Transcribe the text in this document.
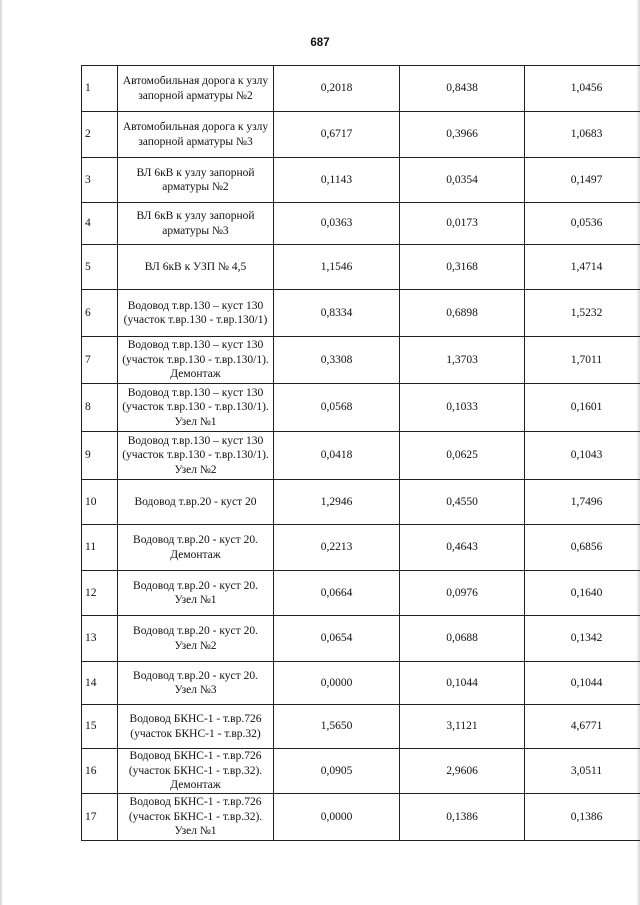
687
1	Автомобильная дорога к узлу запорной арматуры №2	0,2018	0,8438	1,0456
2	Автомобильная дорога к узлу запорной арматуры №3	0,6717	0,3966	1,0683
3	ВЛ 6кВ к узлу запорной арматуры №2	0,1143	0,0354	0,1497
4	ВЛ 6кВ к узлу запорной арматуры №3	0,0363	0,0173	0,0536
5	ВЛ 6кВ к УЗП № 4,5	1,1546	0,3168	1,4714
6	Водовод т.вр.130 – куст 130 (участок т.вр.130 - т.вр.130/1)	0,8334	0,6898	1,5232
7	Водовод т.вр.130 – куст 130 (участок т.вр.130 - т.вр.130/1). Демонтаж	0,3308	1,3703	1,7011
8	Водовод т.вр.130 – куст 130 (участок т.вр.130 - т.вр.130/1). Узел №1	0,0568	0,1033	0,1601
9	Водовод т.вр.130 – куст 130 (участок т.вр.130 - т.вр.130/1). Узел №2	0,0418	0,0625	0,1043
10	Водовод т.вр.20 - куст 20	1,2946	0,4550	1,7496
11	Водовод т.вр.20 - куст 20. Демонтаж	0,2213	0,4643	0,6856
12	Водовод т.вр.20 - куст 20. Узел №1	0,0664	0,0976	0,1640
13	Водовод т.вр.20 - куст 20. Узел №2	0,0654	0,0688	0,1342
14	Водовод т.вр.20 - куст 20. Узел №3	0,0000	0,1044	0,1044
15	Водовод БКНС-1 - т.вр.726 (участок БКНС-1 - т.вр.32)	1,5650	3,1121	4,6771
16	Водовод БКНС-1 - т.вр.726 (участок БКНС-1 - т.вр.32). Демонтаж	0,0905	2,9606	3,0511
17	Водовод БКНС-1 - т.вр.726 (участок БКНС-1 - т.вр.32). Узел №1	0,0000	0,1386	0,1386
